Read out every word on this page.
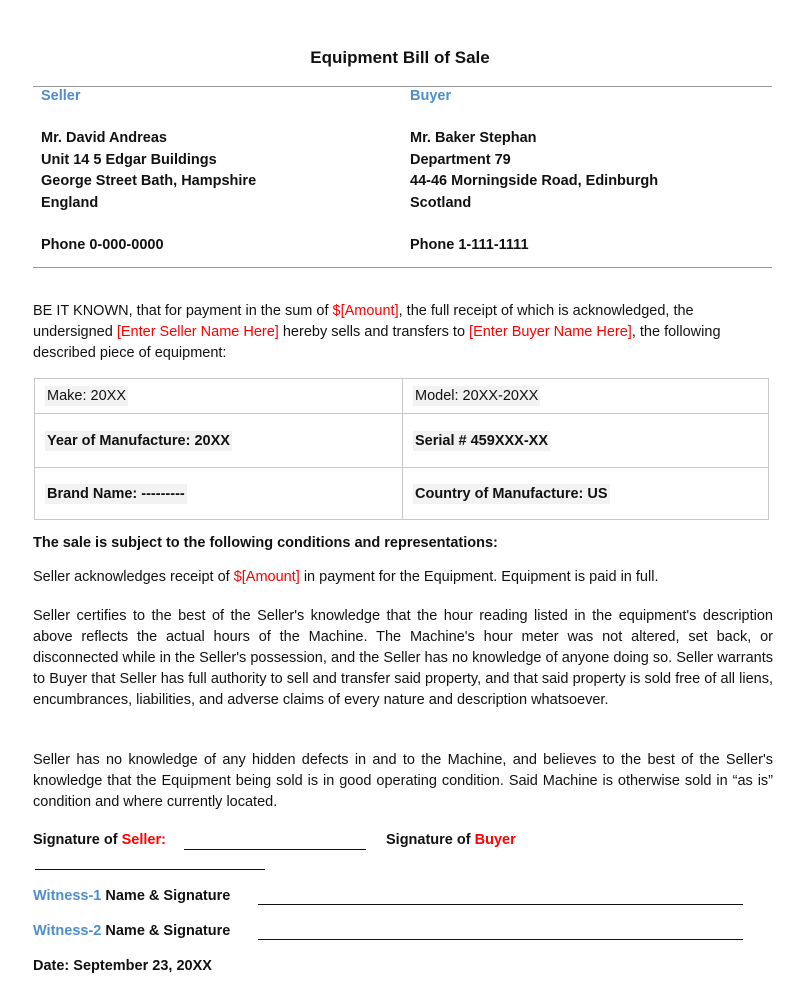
Equipment Bill of Sale
Seller
Mr. David Andreas
Unit 14 5 Edgar Buildings
George Street Bath, Hampshire
England
Phone 0-000-0000
Buyer
Mr. Baker Stephan
Department 79
44-46 Morningside Road, Edinburgh
Scotland
Phone 1-111-1111
BE IT KNOWN, that for payment in the sum of $[Amount], the full receipt of which is acknowledged, the undersigned [Enter Seller Name Here] hereby sells and transfers to [Enter Buyer Name Here], the following described piece of equipment:
Make: 20XX	Model: 20XX-20XX
Year of Manufacture: 20XX	Serial # 459XXX-XX
Brand Name: ---------	Country of Manufacture: US
The sale is subject to the following conditions and representations:
Seller acknowledges receipt of $[Amount] in payment for the Equipment. Equipment is paid in full.
Seller certifies to the best of the Seller's knowledge that the hour reading listed in the equipment's description above reflects the actual hours of the Machine. The Machine's hour meter was not altered, set back, or disconnected while in the Seller's possession, and the Seller has no knowledge of anyone doing so. Seller warrants to Buyer that Seller has full authority to sell and transfer said property, and that said property is sold free of all liens, encumbrances, liabilities, and adverse claims of every nature and description whatsoever.
Seller has no knowledge of any hidden defects in and to the Machine, and believes to the best of the Seller's knowledge that the Equipment being sold is in good operating condition. Said Machine is otherwise sold in “as is” condition and where currently located.
Signature of Seller:	Signature of Buyer
Witness-1 Name & Signature
Witness-2 Name & Signature
Date: September 23, 20XX
